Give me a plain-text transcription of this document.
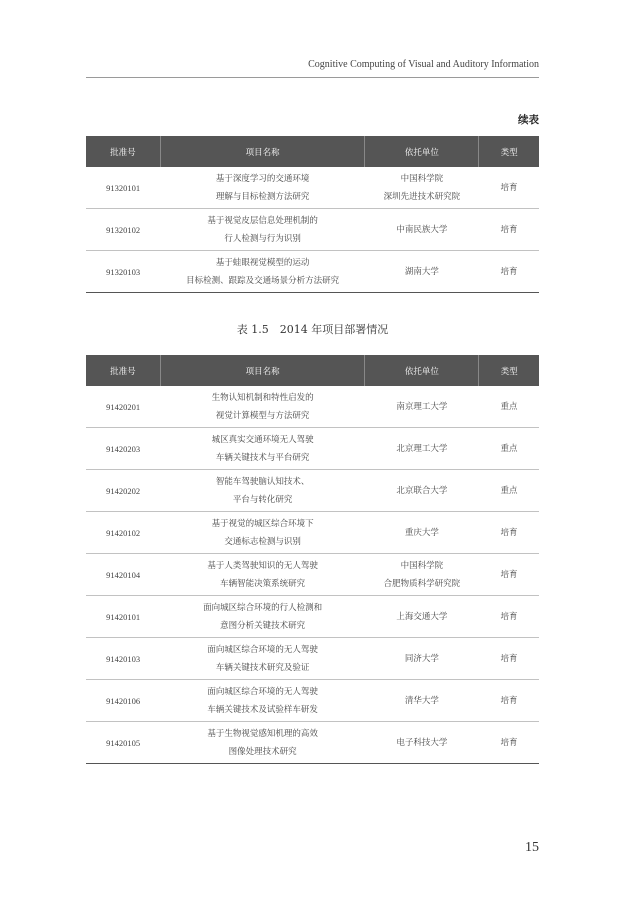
Cognitive Computing of Visual and Auditory Information
续表
批准号	项目名称	依托单位	类型
91320101	基于深度学习的交通环境
理解与目标检测方法研究	中国科学院
深圳先进技术研究院	培育
91320102	基于视觉皮层信息处理机制的
行人检测与行为识别	中南民族大学	培育
91320103	基于蛙眼视觉模型的运动
目标检测、跟踪及交通场景分析方法研究	湖南大学	培育
表 1.5　2014 年项目部署情况
批准号	项目名称	依托单位	类型
91420201	生物认知机制和特性启发的
视觉计算模型与方法研究	南京理工大学	重点
91420203	城区真实交通环境无人驾驶
车辆关键技术与平台研究	北京理工大学	重点
91420202	智能车驾驶脑认知技术、
平台与转化研究	北京联合大学	重点
91420102	基于视觉的城区综合环境下
交通标志检测与识别	重庆大学	培育
91420104	基于人类驾驶知识的无人驾驶
车辆智能决策系统研究	中国科学院
合肥物质科学研究院	培育
91420101	面向城区综合环境的行人检测和
意图分析关键技术研究	上海交通大学	培育
91420103	面向城区综合环境的无人驾驶
车辆关键技术研究及验证	同济大学	培育
91420106	面向城区综合环境的无人驾驶
车辆关键技术及试验样车研发	清华大学	培育
91420105	基于生物视觉感知机理的高效
图像处理技术研究	电子科技大学	培育
15
